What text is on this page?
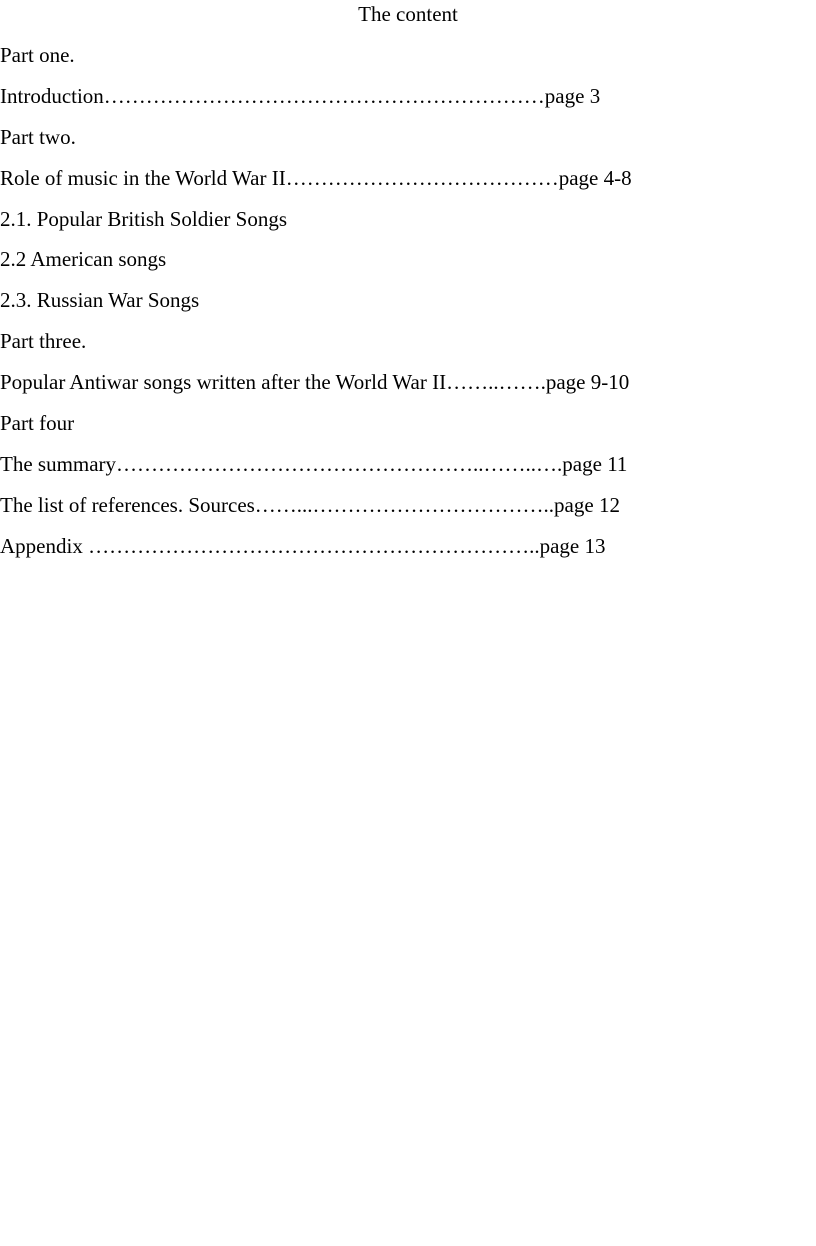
The content
Part one.
Introduction………………………………………………………page 3
Part two.
Role of music in the World War II…………………………………page 4-8
2.1. Popular British Soldier Songs
2.2 American songs
2.3. Russian War Songs
Part three.
Popular Antiwar songs written after the World War II……..…….page 9-10
Part four
The summary……………………………………………..……..….page 11
The list of references. Sources……...……………………………..page 12
Appendix ………………………………………………………..page 13
